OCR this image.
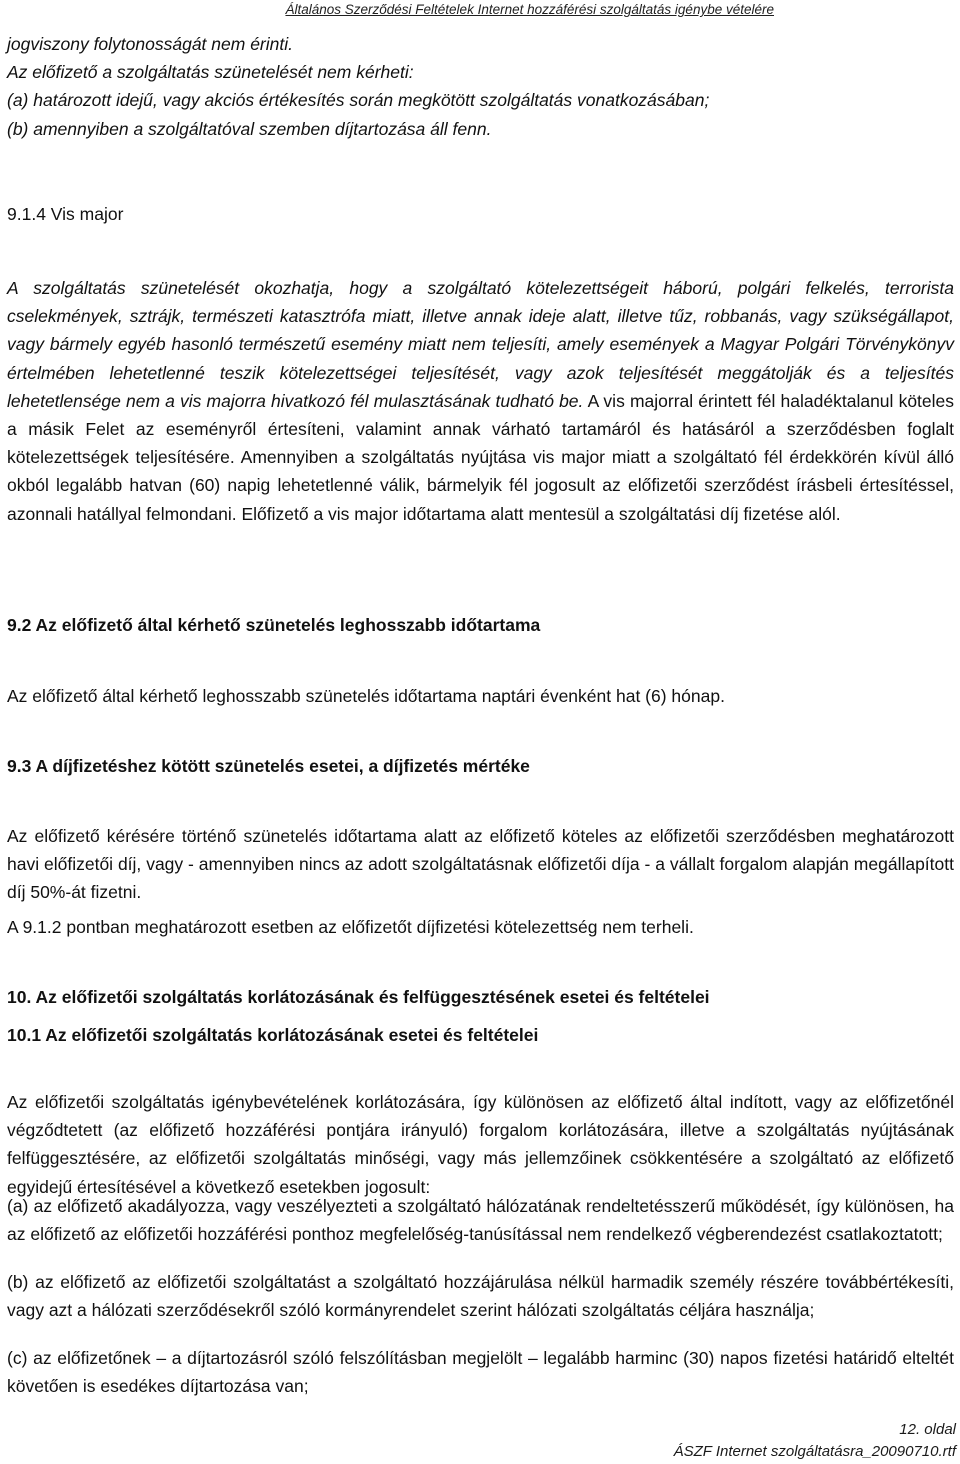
Általános Szerződési Feltételek Internet hozzáférési szolgáltatás igénybe vételére
jogviszony folytonosságát nem érinti.
Az előfizető a szolgáltatás szünetelését nem kérheti:
(a) határozott idejű, vagy akciós értékesítés során megkötött szolgáltatás vonatkozásában;
(b) amennyiben a szolgáltatóval szemben díjtartozása áll fenn.
9.1.4 Vis major
A szolgáltatás szünetelését okozhatja, hogy a szolgáltató kötelezettségeit háború, polgári felkelés, terrorista cselekmények, sztrájk, természeti katasztrófa miatt, illetve annak ideje alatt, illetve tűz, robbanás, vagy szükségállapot, vagy bármely egyéb hasonló természetű esemény miatt nem teljesíti, amely események a Magyar Polgári Törvénykönyv értelmében lehetetlenné teszik kötelezettségei teljesítését, vagy azok teljesítését meggátolják és a teljesítés lehetetlensége nem a vis majorra hivatkozó fél mulasztásának tudható be. A vis majorral érintett fél haladéktalanul köteles a másik Felet az eseményről értesíteni, valamint annak várható tartamáról és hatásáról a szerződésben foglalt kötelezettségek teljesítésére. Amennyiben a szolgáltatás nyújtása vis major miatt a szolgáltató fél érdekkörén kívül álló okból legalább hatvan (60) napig lehetetlenné válik, bármelyik fél jogosult az előfizetői szerződést írásbeli értesítéssel, azonnali hatállyal felmondani. Előfizető a vis major időtartama alatt mentesül a szolgáltatási díj fizetése alól.
9.2 Az előfizető által kérhető szünetelés leghosszabb időtartama
Az előfizető által kérhető leghosszabb szünetelés időtartama naptári évenként hat (6) hónap.
9.3 A díjfizetéshez kötött szünetelés esetei, a díjfizetés mértéke
Az előfizető kérésére történő szünetelés időtartama alatt az előfizető köteles az előfizetői szerződésben meghatározott havi előfizetői díj, vagy - amennyiben nincs az adott szolgáltatásnak előfizetői díja - a vállalt forgalom alapján megállapított díj 50%-át fizetni.
A 9.1.2 pontban meghatározott esetben az előfizetőt díjfizetési kötelezettség nem terheli.
10. Az előfizetői szolgáltatás korlátozásának és felfüggesztésének esetei és feltételei
10.1 Az előfizetői szolgáltatás korlátozásának esetei és feltételei
Az előfizetői szolgáltatás igénybevételének korlátozására, így különösen az előfizető által indított, vagy az előfizetőnél végződtetett (az előfizető hozzáférési pontjára irányuló) forgalom korlátozására, illetve a szolgáltatás nyújtásának felfüggesztésére, az előfizetői szolgáltatás minőségi, vagy más jellemzőinek csökkentésére a szolgáltató az előfizető egyidejű értesítésével a következő esetekben jogosult:
(a) az előfizető akadályozza, vagy veszélyezteti a szolgáltató hálózatának rendeltetésszerű működését, így különösen, ha az előfizető az előfizetői hozzáférési ponthoz megfelelőség-tanúsítással nem rendelkező végberendezést csatlakoztatott;
(b) az előfizető az előfizetői szolgáltatást a szolgáltató hozzájárulása nélkül harmadik személy részére továbbértékesíti, vagy azt a hálózati szerződésekről szóló kormányrendelet szerint hálózati szolgáltatás céljára használja;
(c) az előfizetőnek – a díjtartozásról szóló felszólításban megjelölt – legalább harminc (30) napos fizetési határidő elteltét követően is esedékes díjtartozása van;
12. oldal
ÁSZF Internet szolgáltatásra_20090710.rtf
